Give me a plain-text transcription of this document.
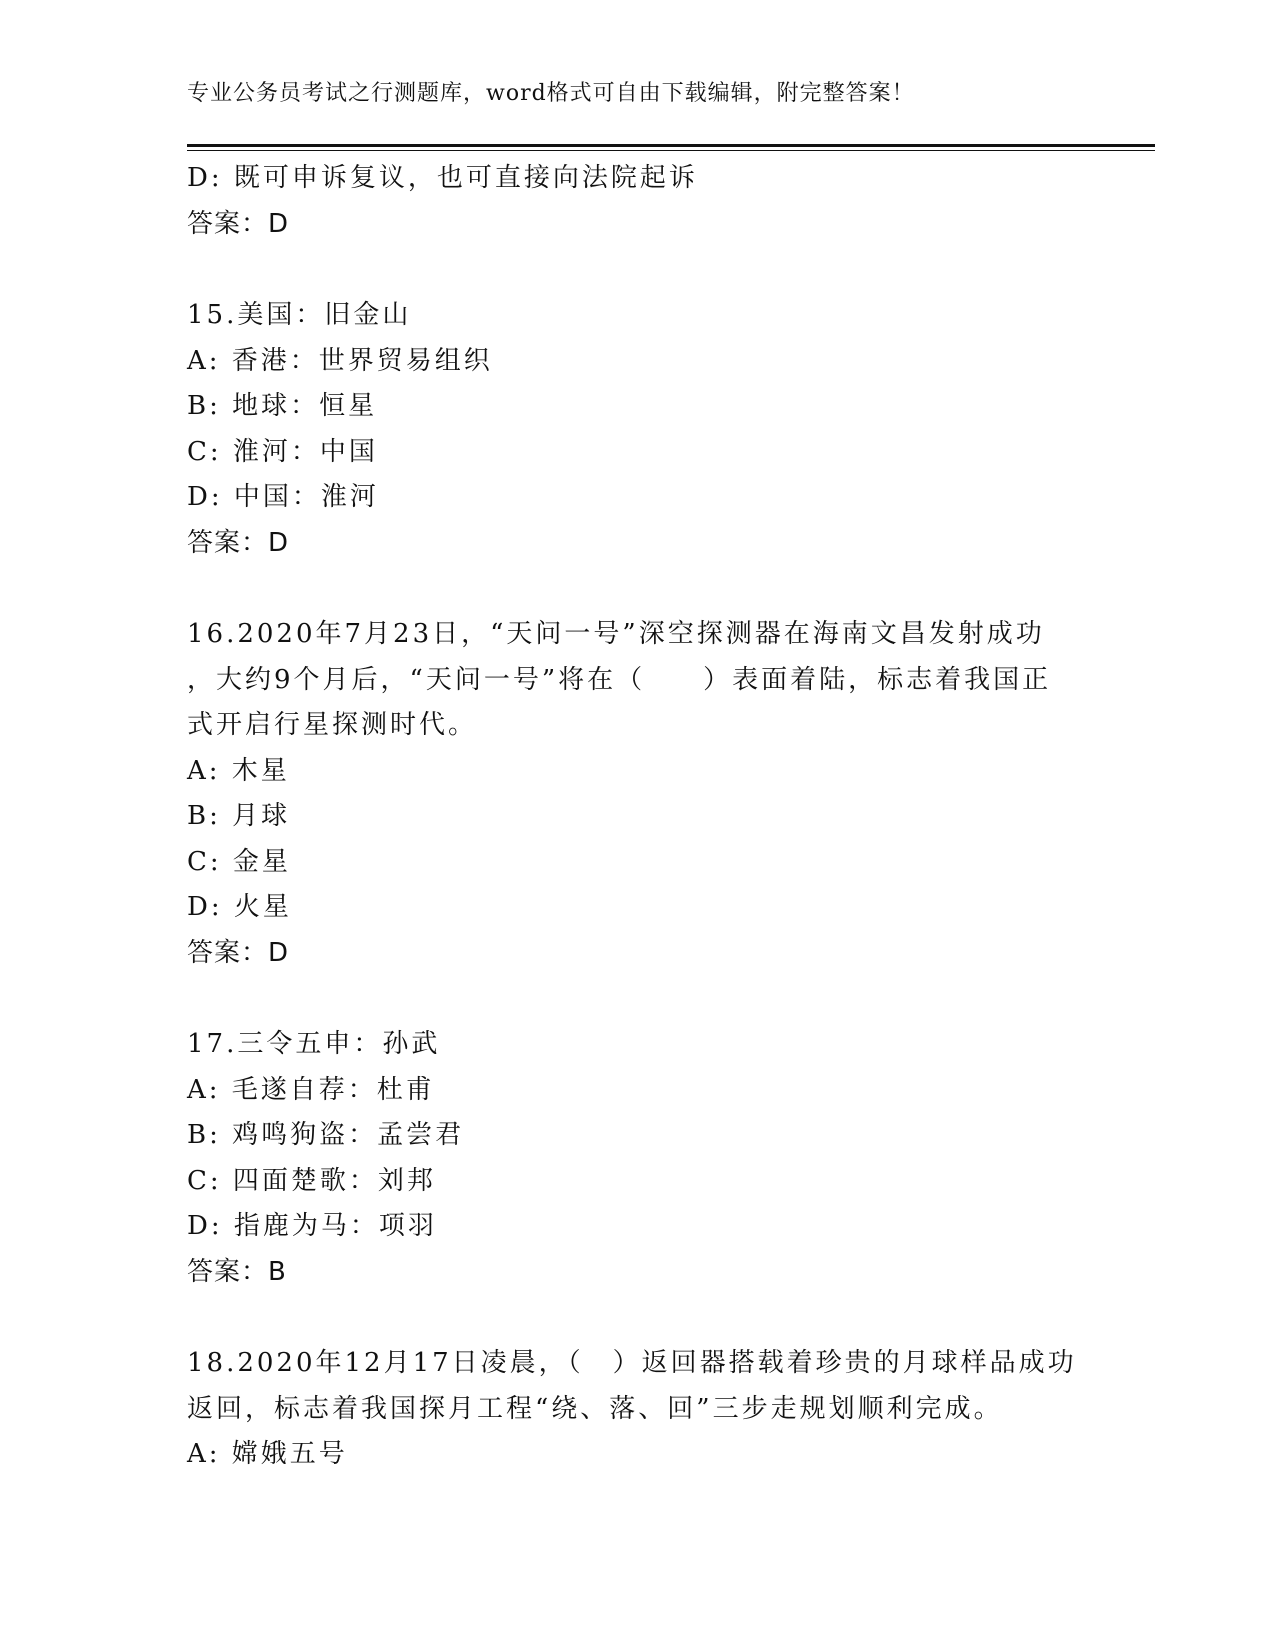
专业公务员考试之行测题库，word格式可自由下载编辑，附完整答案！
D: 既可申诉复议，也可直接向法院起诉
答案：D
15.美国：旧金山
A: 香港：世界贸易组织
B: 地球：恒星
C: 淮河：中国
D: 中国：淮河
答案：D
16.2020年7月23日，“天问一号”深空探测器在海南文昌发射成功
，大约9个月后，“天问一号”将在（　　）表面着陆，标志着我国正
式开启行星探测时代。
A: 木星
B: 月球
C: 金星
D: 火星
答案：D
17.三令五申：孙武
A: 毛遂自荐：杜甫
B: 鸡鸣狗盗：孟尝君
C: 四面楚歌：刘邦
D: 指鹿为马：项羽
答案：B
18.2020年12月17日凌晨，（　）返回器搭载着珍贵的月球样品成功
返回，标志着我国探月工程“绕、落、回”三步走规划顺利完成。
A: 嫦娥五号
